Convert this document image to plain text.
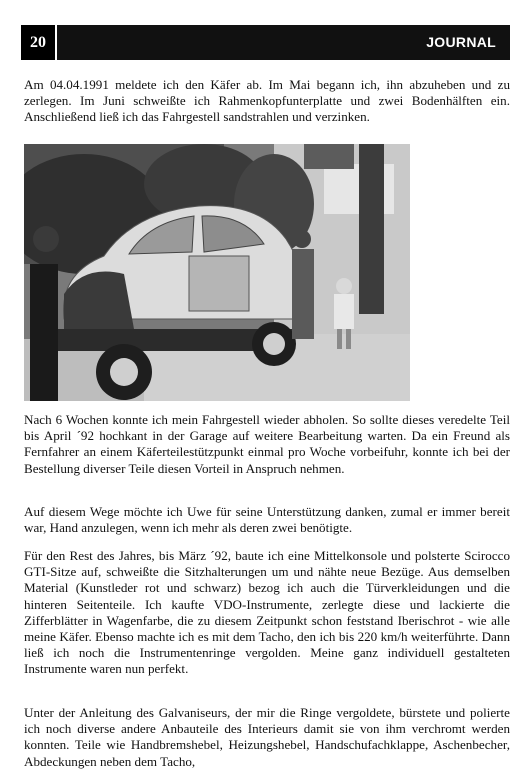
20	JOURNAL

Am 04.04.1991 meldete ich den Käfer ab. Im Mai begann ich, ihn abzuheben und zu zerlegen. Im Juni schweißte ich Rahmenkopfunterplatte und zwei Bodenhälften ein. Anschließend ließ ich das Fahrgestell sandstrahlen und verzinken.

Nach 6 Wochen konnte ich mein Fahrgestell wieder abholen. So sollte dieses veredelte Teil bis April ´92 hochkant in der Garage auf weitere Bearbeitung warten. Da ein Freund als Fernfahrer an einem Käferteilestützpunkt einmal pro Woche vorbeifuhr, konnte ich bei der Bestellung diverser Teile diesen Vorteil in Anspruch nehmen.

Auf diesem Wege möchte ich Uwe für seine Unterstützung danken, zumal er immer bereit war, Hand anzulegen, wenn ich mehr als deren zwei benötigte.

Für den Rest des Jahres, bis März ´92, baute ich eine Mittelkonsole und polsterte Scirocco GTI-Sitze auf, schweißte die Sitzhalterungen um und nähte neue Bezüge. Aus demselben Material (Kunstleder rot und schwarz) bezog ich auch die Türverkleidungen und die hinteren Seitenteile. Ich kaufte VDO-Instrumente, zerlegte diese und lackierte die Zifferblätter in Wagenfarbe, die zu diesem Zeitpunkt schon feststand Iberischrot - wie alle meine Käfer. Ebenso machte ich es mit dem Tacho, den ich bis 220 km/h weiterführte. Dann ließ ich noch die Instrumentenringe vergolden. Meine ganz individuell gestalteten Instrumente waren nun perfekt.

Unter der Anleitung des Galvaniseurs, der mir die Ringe vergoldete, bürstete und polierte ich noch diverse andere Anbauteile des Interieurs damit sie von ihm verchromt werden konnten. Teile wie Handbremshebel, Heizungshebel, Handschufachklappe, Aschenbecher, Abdeckungen neben dem Tacho,
